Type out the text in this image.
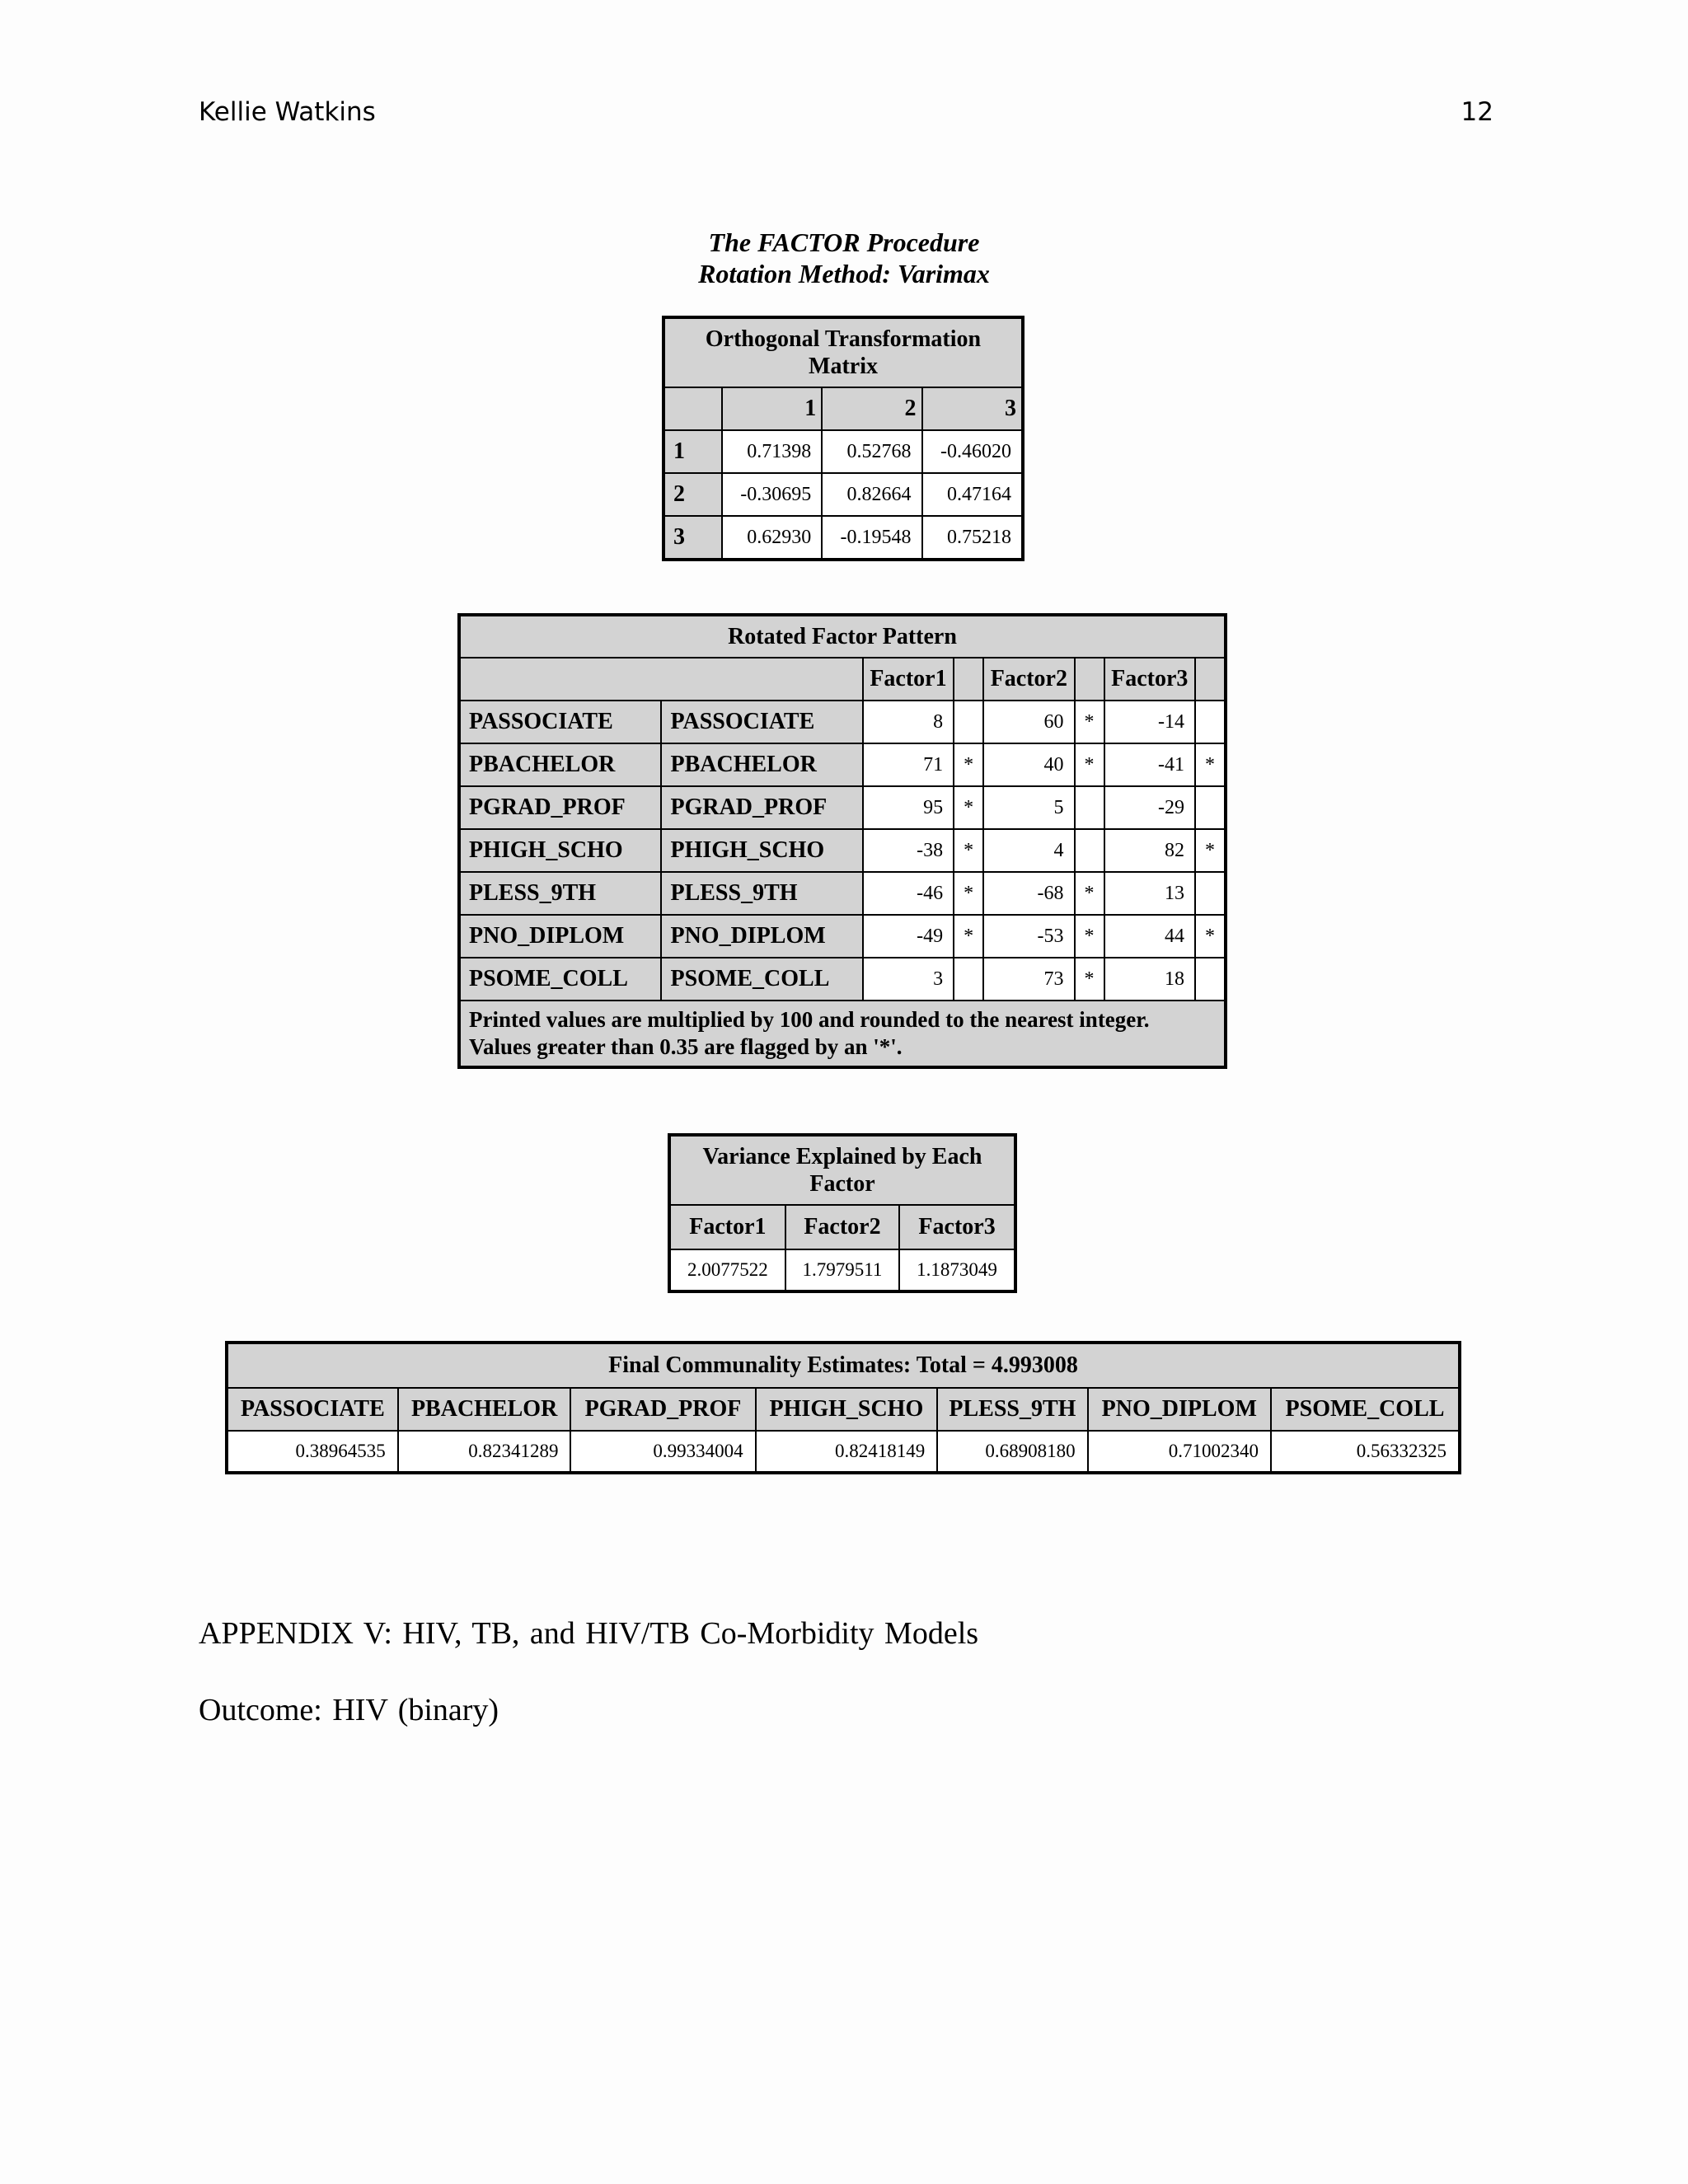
Kellie Watkins	12
The FACTOR Procedure
Rotation Method: Varimax
Orthogonal Transformation Matrix			
	1	2	3
1	0.71398	0.52768	-0.46020
2	-0.30695	0.82664	0.47164
3	0.62930	-0.19548	0.75218
Rotated Factor Pattern							
		Factor1		Factor2		Factor3	
PASSOCIATE	PASSOCIATE	8		60	*	-14	
PBACHELOR	PBACHELOR	71	*	40	*	-41	*
PGRAD_PROF	PGRAD_PROF	95	*	5		-29	
PHIGH_SCHO	PHIGH_SCHO	-38	*	4		82	*
PLESS_9TH	PLESS_9TH	-46	*	-68	*	13	
PNO_DIPLOM	PNO_DIPLOM	-49	*	-53	*	44	*
PSOME_COLL	PSOME_COLL	3		73	*	18	

Printed values are multiplied by 100 and rounded to the nearest integer.
Values greater than 0.35 are flagged by an '*'.							
Variance Explained by Each Factor		
Factor1	Factor2	Factor3
2.0077522	1.7979511	1.1873049
Final Communality Estimates: Total = 4.993008						
PASSOCIATE	PBACHELOR	PGRAD_PROF	PHIGH_SCHO	PLESS_9TH	PNO_DIPLOM	PSOME_COLL
0.38964535	0.82341289	0.99334004	0.82418149	0.68908180	0.71002340	0.56332325
APPENDIX V: HIV, TB, and HIV/TB Co-Morbidity Models
Outcome: HIV (binary)
